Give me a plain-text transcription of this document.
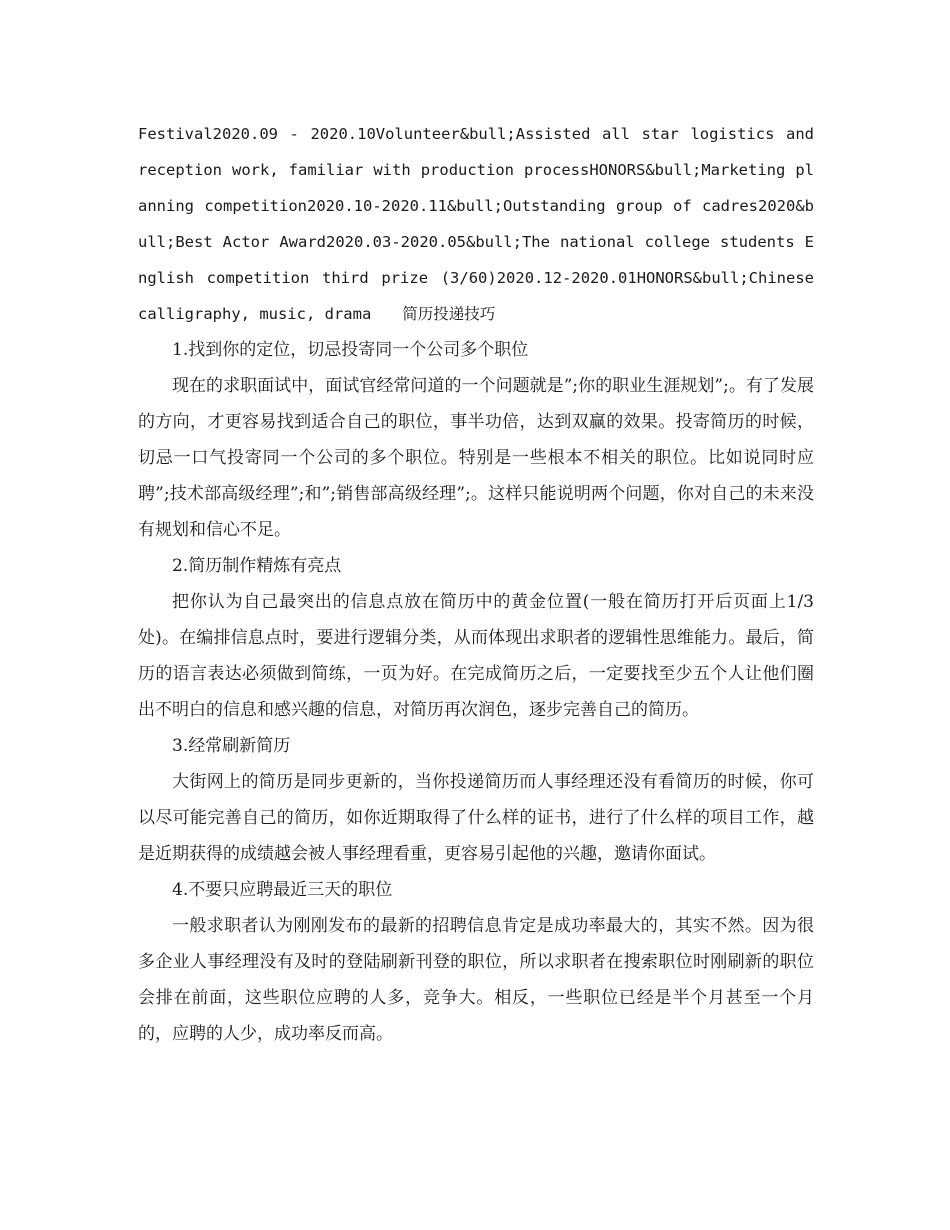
Festival2020.09 - 2020.10Volunteer&bull;Assisted all star logistics and reception work, familiar with production processHONORS&bull;Marketing planning competition2020.10-2020.11&bull;Outstanding group of cadres2020&bull;Best Actor Award2020.03-2020.05&bull;The national college students English competition third prize (3/60)2020.12-2020.01HONORS&bull;Chinese calligraphy, music, drama　　简历投递技巧

1.找到你的定位，切忌投寄同一个公司多个职位

现在的求职面试中，面试官经常问道的一个问题就是”;你的职业生涯规划”;。有了发展的方向，才更容易找到适合自己的职位，事半功倍，达到双赢的效果。投寄简历的时候，切忌一口气投寄同一个公司的多个职位。特别是一些根本不相关的职位。比如说同时应聘”;技术部高级经理”;和”;销售部高级经理”;。这样只能说明两个问题，你对自己的未来没有规划和信心不足。

2.简历制作精炼有亮点

把你认为自己最突出的信息点放在简历中的黄金位置(一般在简历打开后页面上1/3处)。在编排信息点时，要进行逻辑分类，从而体现出求职者的逻辑性思维能力。最后，简历的语言表达必须做到简练，一页为好。在完成简历之后，一定要找至少五个人让他们圈出不明白的信息和感兴趣的信息，对简历再次润色，逐步完善自己的简历。

3.经常刷新简历

大街网上的简历是同步更新的，当你投递简历而人事经理还没有看简历的时候，你可以尽可能完善自己的简历，如你近期取得了什么样的证书，进行了什么样的项目工作，越是近期获得的成绩越会被人事经理看重，更容易引起他的兴趣，邀请你面试。

4.不要只应聘最近三天的职位

一般求职者认为刚刚发布的最新的招聘信息肯定是成功率最大的，其实不然。因为很多企业人事经理没有及时的登陆刷新刊登的职位，所以求职者在搜索职位时刚刷新的职位会排在前面，这些职位应聘的人多，竞争大。相反，一些职位已经是半个月甚至一个月的，应聘的人少，成功率反而高。
